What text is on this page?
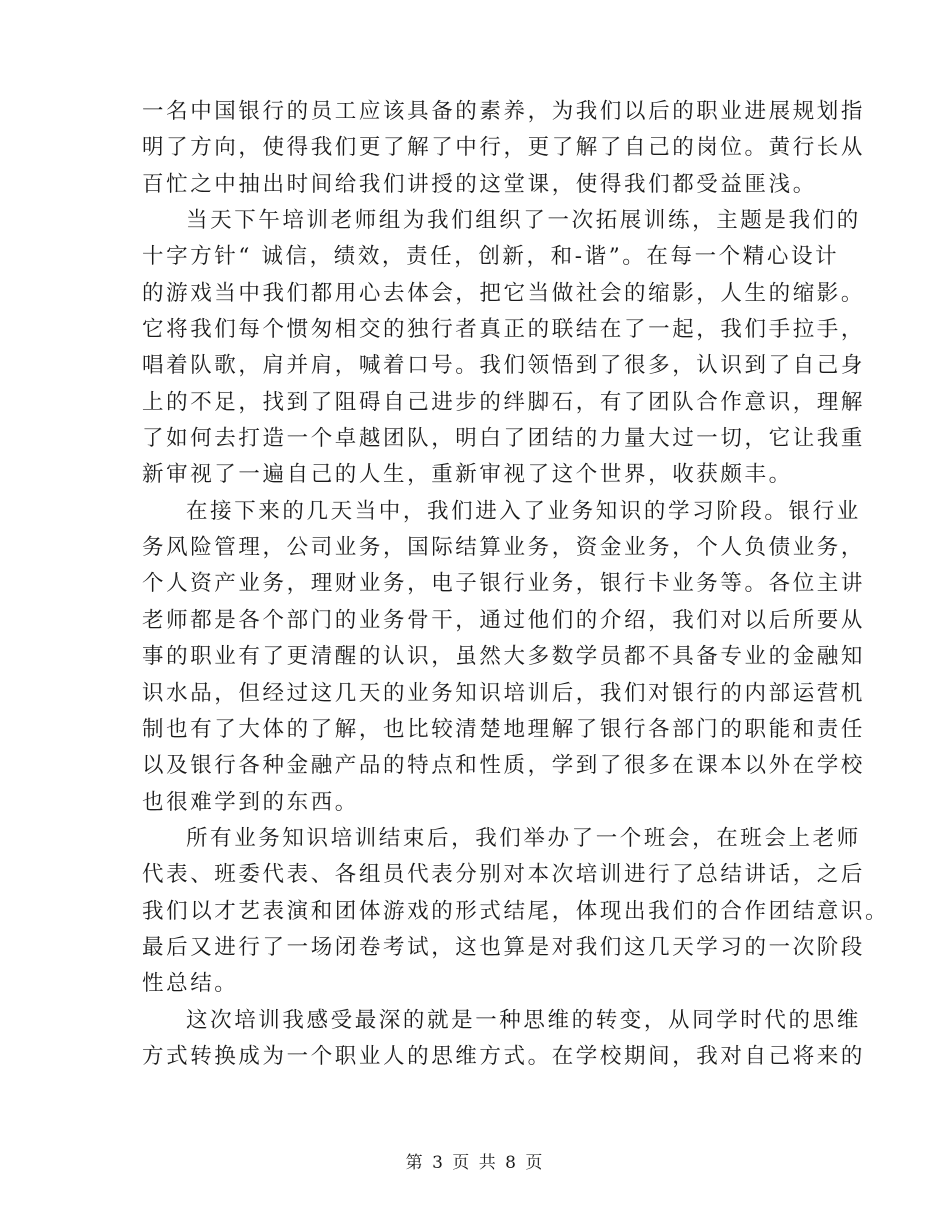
一名中国银行的员工应该具备的素养，为我们以后的职业进展规划指
明了方向，使得我们更了解了中行，更了解了自己的岗位。黄行长从
百忙之中抽出时间给我们讲授的这堂课，使得我们都受益匪浅。
当天下午培训老师组为我们组织了一次拓展训练，主题是我们的
十字方针“ 诚信，绩效，责任，创新，和-谐”。在每一个精心设计
的游戏当中我们都用心去体会，把它当做社会的缩影，人生的缩影。
它将我们每个惯匆相交的独行者真正的联结在了一起，我们手拉手，
唱着队歌，肩并肩，喊着口号。我们领悟到了很多，认识到了自己身
上的不足，找到了阻碍自己进步的绊脚石，有了团队合作意识，理解
了如何去打造一个卓越团队，明白了团结的力量大过一切，它让我重
新审视了一遍自己的人生，重新审视了这个世界，收获颇丰。
在接下来的几天当中，我们进入了业务知识的学习阶段。银行业
务风险管理，公司业务，国际结算业务，资金业务，个人负债业务，
个人资产业务，理财业务，电子银行业务，银行卡业务等。各位主讲
老师都是各个部门的业务骨干，通过他们的介绍，我们对以后所要从
事的职业有了更清醒的认识，虽然大多数学员都不具备专业的金融知
识水品，但经过这几天的业务知识培训后，我们对银行的内部运营机
制也有了大体的了解，也比较清楚地理解了银行各部门的职能和责任
以及银行各种金融产品的特点和性质，学到了很多在课本以外在学校
也很难学到的东西。
所有业务知识培训结束后，我们举办了一个班会，在班会上老师
代表、班委代表、各组员代表分别对本次培训进行了总结讲话，之后
我们以才艺表演和团体游戏的形式结尾，体现出我们的合作团结意识。
最后又进行了一场闭卷考试，这也算是对我们这几天学习的一次阶段
性总结。
这次培训我感受最深的就是一种思维的转变，从同学时代的思维
方式转换成为一个职业人的思维方式。在学校期间，我对自己将来的
第 3 页 共 8 页
